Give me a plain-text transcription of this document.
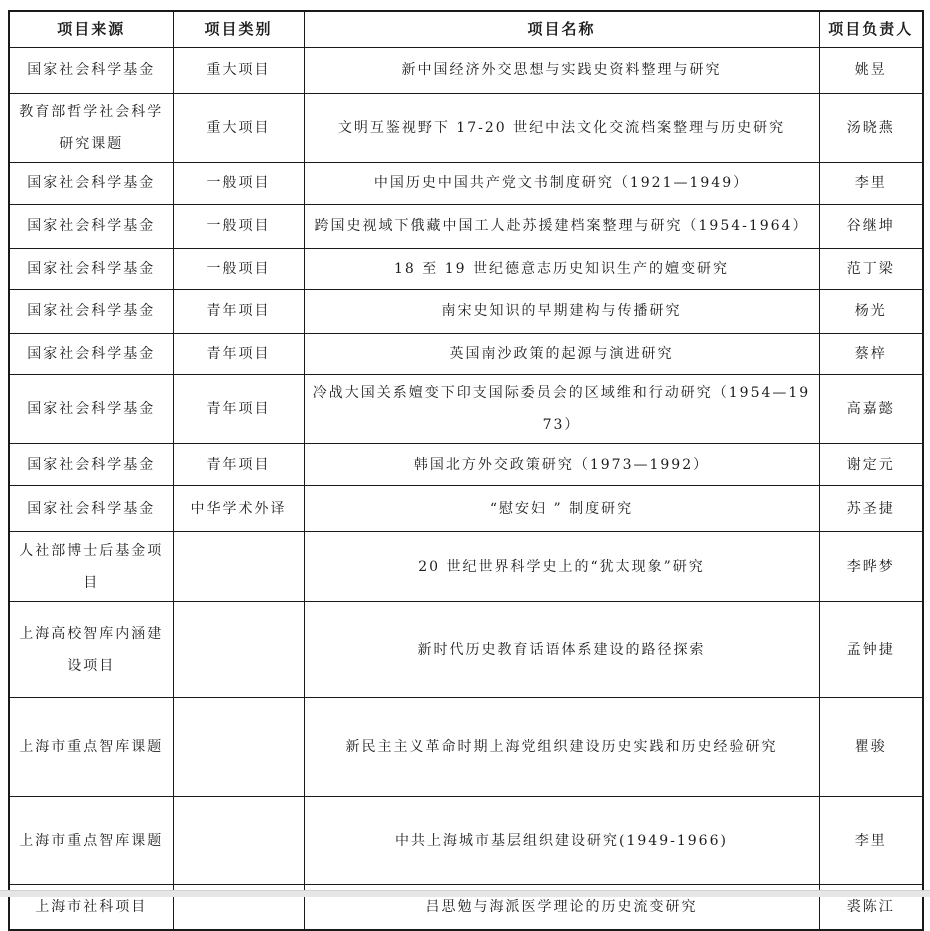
项目来源	项目类别	项目名称	项目负责人
国家社会科学基金	重大项目	新中国经济外交思想与实践史资料整理与研究	姚昱
教育部哲学社会科学研究课题	重大项目	文明互鉴视野下 17-20 世纪中法文化交流档案整理与历史研究	汤晓燕
国家社会科学基金	一般项目	中国历史中国共产党文书制度研究（1921—1949）	李里
国家社会科学基金	一般项目	跨国史视域下俄藏中国工人赴苏援建档案整理与研究（1954-1964）	谷继坤
国家社会科学基金	一般项目	18 至 19 世纪德意志历史知识生产的嬗变研究	范丁梁
国家社会科学基金	青年项目	南宋史知识的早期建构与传播研究	杨光
国家社会科学基金	青年项目	英国南沙政策的起源与演进研究	蔡梓
国家社会科学基金	青年项目	冷战大国关系嬗变下印支国际委员会的区域维和行动研究（1954—1973）	高嘉懿
国家社会科学基金	青年项目	韩国北方外交政策研究（1973—1992）	谢定元
国家社会科学基金	中华学术外译	“慰安妇 ” 制度研究	苏圣捷
人社部博士后基金项目		20 世纪世界科学史上的“犹太现象”研究	李晔梦
上海高校智库内涵建设项目		新时代历史教育话语体系建设的路径探索	孟钟捷
上海市重点智库课题		新民主主义革命时期上海党组织建设历史实践和历史经验研究	瞿骏
上海市重点智库课题		中共上海城市基层组织建设研究(1949-1966)	李里
上海市社科项目		吕思勉与海派医学理论的历史流变研究	裘陈江
